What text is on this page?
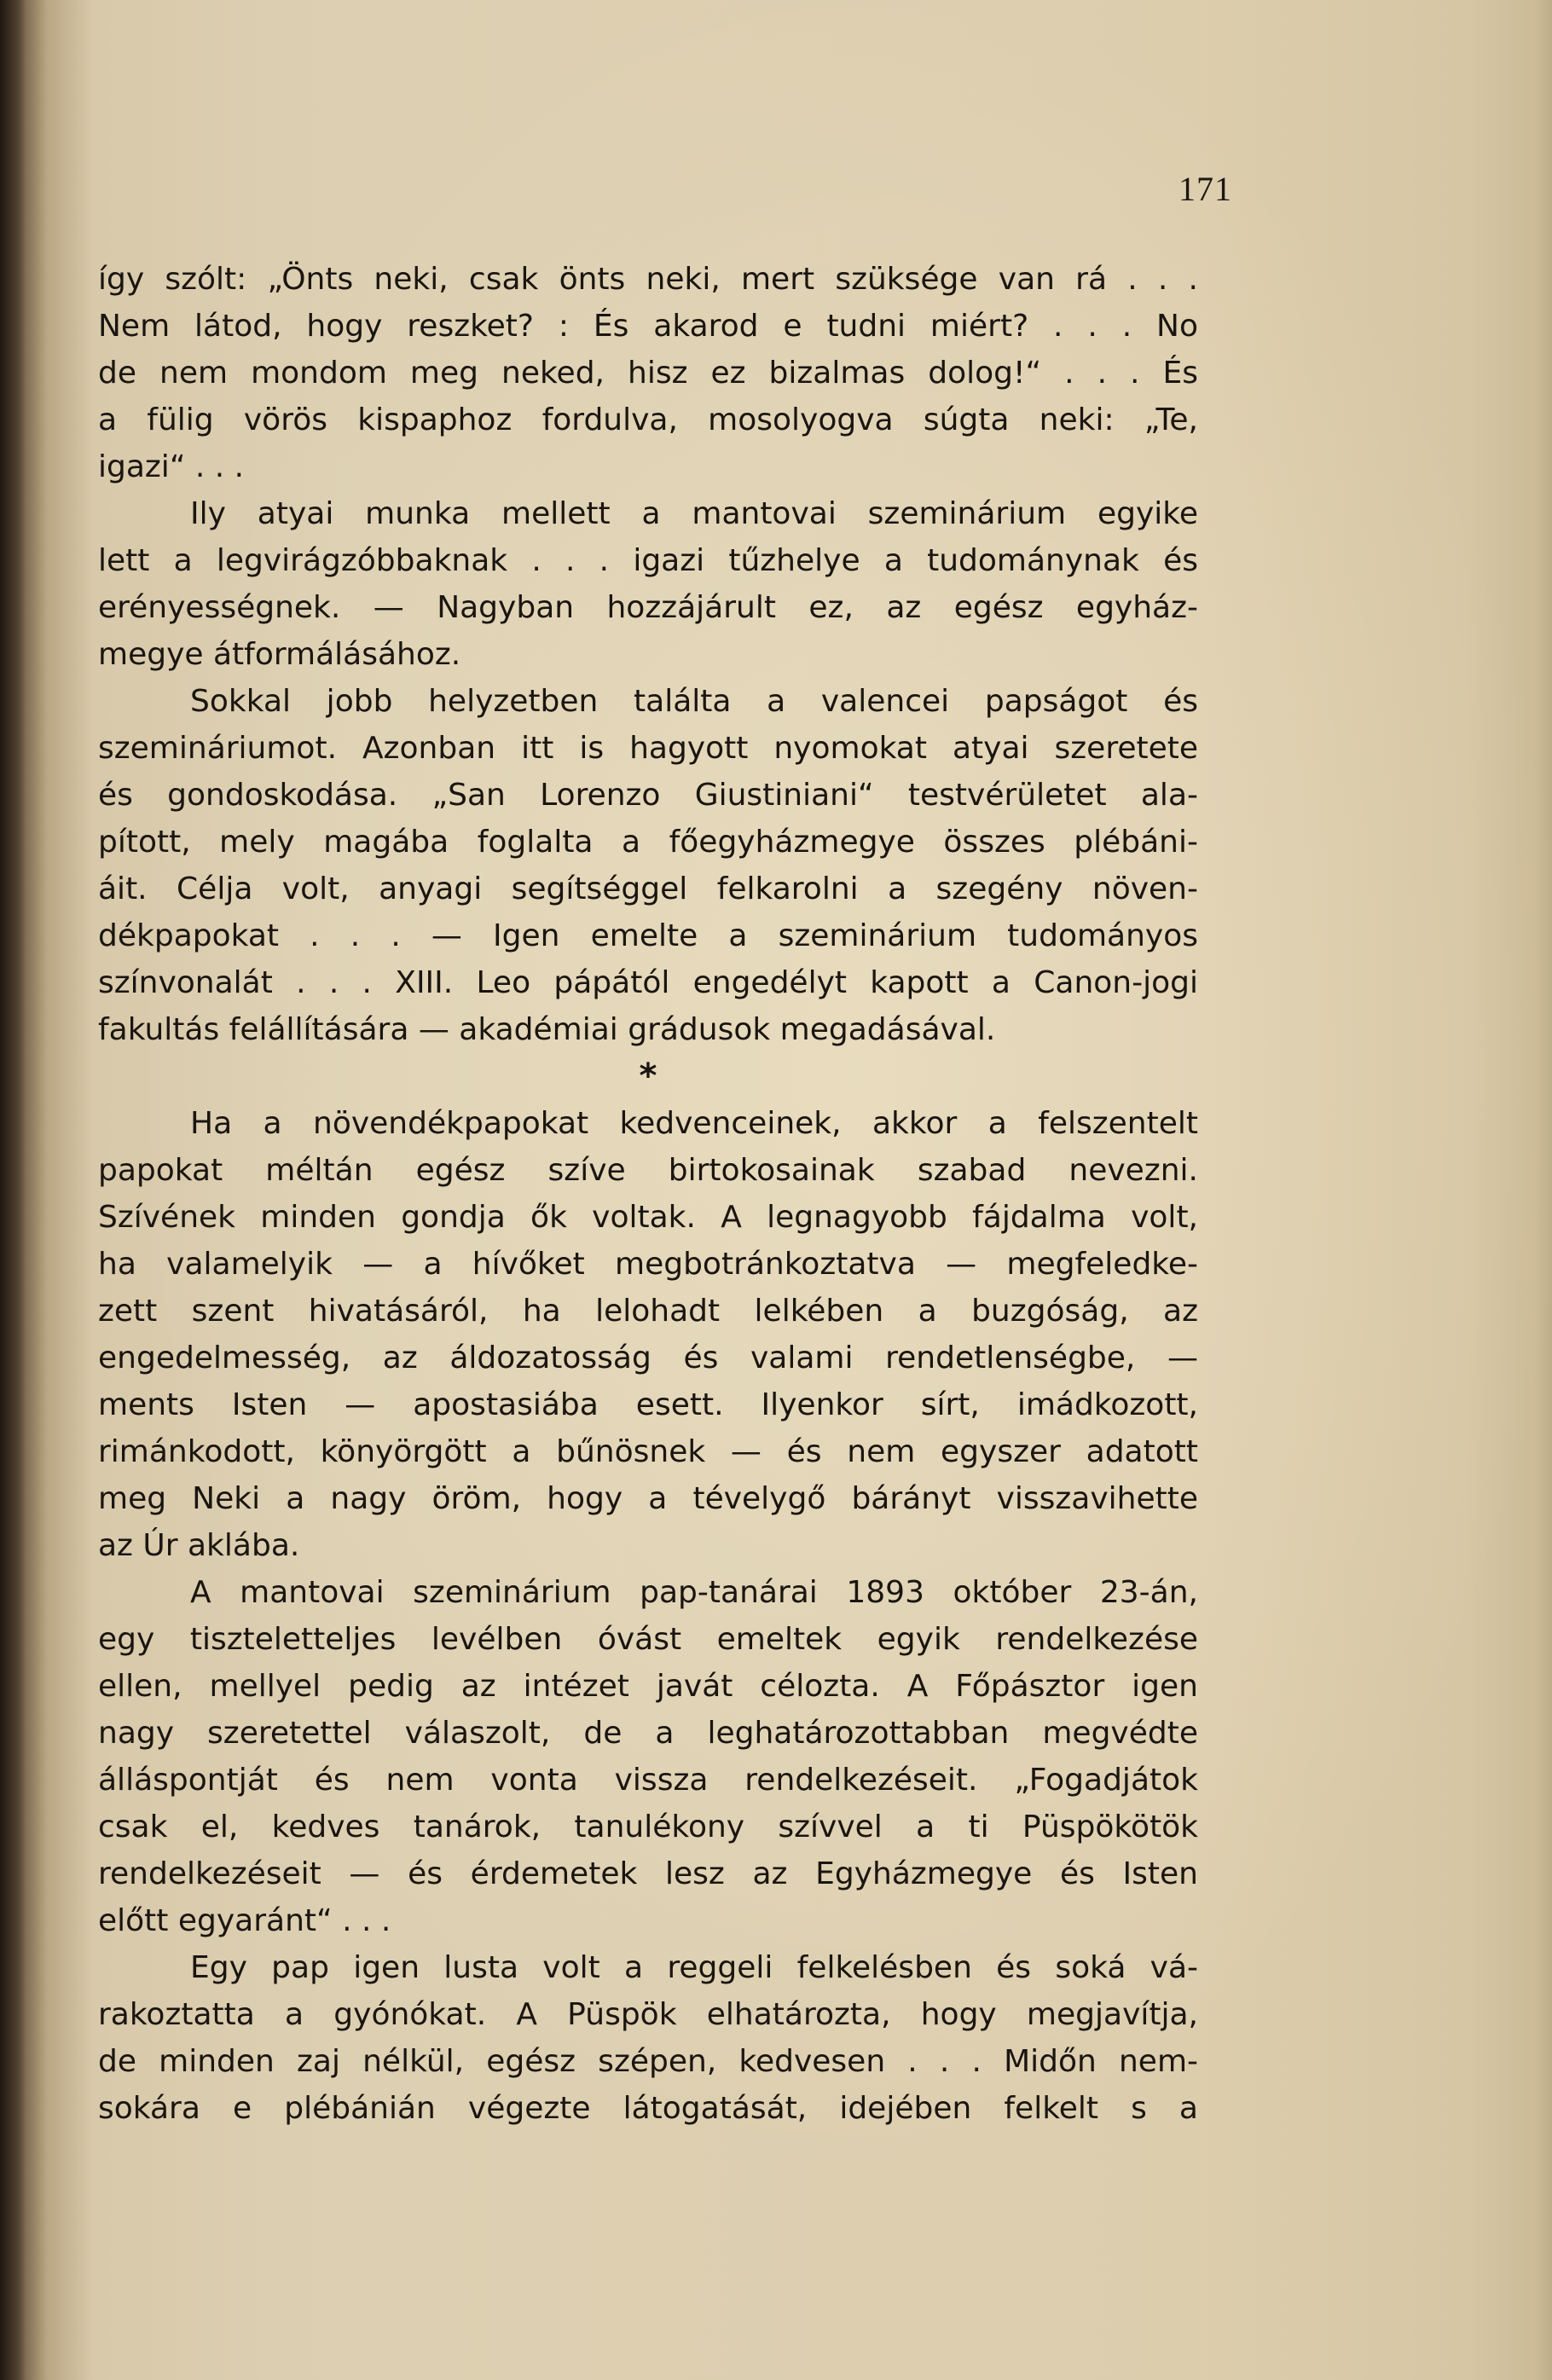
171
így szólt: „Önts neki, csak önts neki, mert szüksége van rá . . .
Nem látod, hogy reszket? : És akarod e tudni miért? . . . No
de nem mondom meg neked, hisz ez bizalmas dolog!“ . . . És
a fülig vörös kispaphoz fordulva, mosolyogva súgta neki: „Te,
igazi“ . . .
Ily atyai munka mellett a mantovai szeminárium egyike
lett a legvirágzóbbaknak . . . igazi tűzhelye a tudománynak és
erényességnek. — Nagyban hozzájárult ez, az egész egyház-
megye átformálásához.
Sokkal jobb helyzetben találta a valencei papságot és
szemináriumot. Azonban itt is hagyott nyomokat atyai szeretete
és gondoskodása. „San Lorenzo Giustiniani“ testvérületet ala-
pított, mely magába foglalta a főegyházmegye összes plébáni-
áit. Célja volt, anyagi segítséggel felkarolni a szegény növen-
dékpapokat . . . — Igen emelte a szeminárium tudományos
színvonalát . . . XIII. Leo pápától engedélyt kapott a Canon-jogi
fakultás felállítására — akadémiai grádusok megadásával.
*
Ha a növendékpapokat kedvenceinek, akkor a felszentelt
papokat méltán egész szíve birtokosainak szabad nevezni.
Szívének minden gondja ők voltak. A legnagyobb fájdalma volt,
ha valamelyik — a hívőket megbotránkoztatva — megfeledke-
zett szent hivatásáról, ha lelohadt lelkében a buzgóság, az
engedelmesség, az áldozatosság és valami rendetlenségbe, —
ments Isten — apostasiába esett. Ilyenkor sírt, imádkozott,
rimánkodott, könyörgött a bűnösnek — és nem egyszer adatott
meg Neki a nagy öröm, hogy a tévelygő bárányt visszavihette
az Úr aklába.
A mantovai szeminárium pap-tanárai 1893 október 23-án,
egy tiszteletteljes levélben óvást emeltek egyik rendelkezése
ellen, mellyel pedig az intézet javát célozta. A Főpásztor igen
nagy szeretettel válaszolt, de a leghatározottabban megvédte
álláspontját és nem vonta vissza rendelkezéseit. „Fogadjátok
csak el, kedves tanárok, tanulékony szívvel a ti Püspökötök
rendelkezéseit — és érdemetek lesz az Egyházmegye és Isten
előtt egyaránt“ . . .
Egy pap igen lusta volt a reggeli felkelésben és soká vá-
rakoztatta a gyónókat. A Püspök elhatározta, hogy megjavítja,
de minden zaj nélkül, egész szépen, kedvesen . . . Midőn nem-
sokára e plébánián végezte látogatását, idejében felkelt s a
